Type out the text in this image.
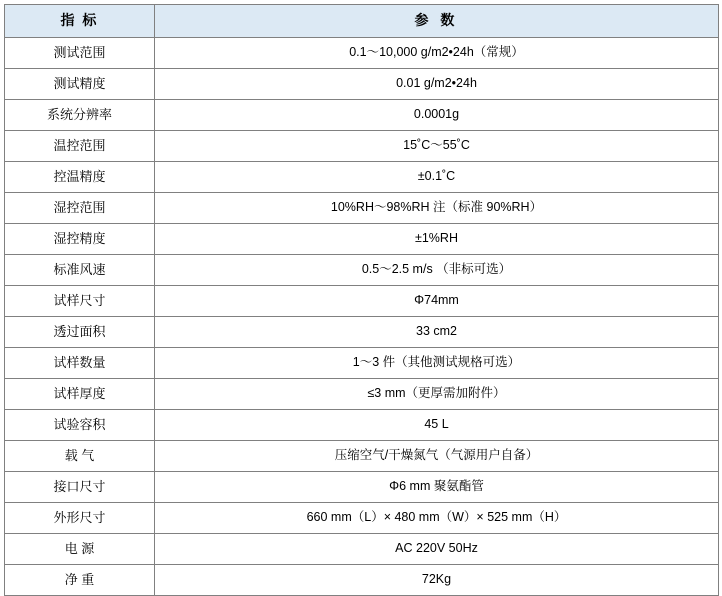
指 标	参 数
测试范围	0.1～10,000 g/m2•24h（常规）
测试精度	0.01 g/m2•24h
系统分辨率	0.0001g
温控范围	15˚C～55˚C
控温精度	±0.1˚C
湿控范围	10%RH～98%RH 注（标准 90%RH）
湿控精度	±1%RH
标准风速	0.5～2.5 m/s （非标可选）
试样尺寸	Φ74mm
透过面积	33 cm2
试样数量	1～3 件（其他测试规格可选）
试样厚度	≤3 mm（更厚需加附件）
试验容积	45 L
载 气	压缩空气/干燥氮气（气源用户自备）
接口尺寸	Φ6 mm 聚氨酯管
外形尺寸	660 mm（L）× 480 mm（W）× 525 mm（H）
电 源	AC 220V 50Hz
净 重	72Kg
